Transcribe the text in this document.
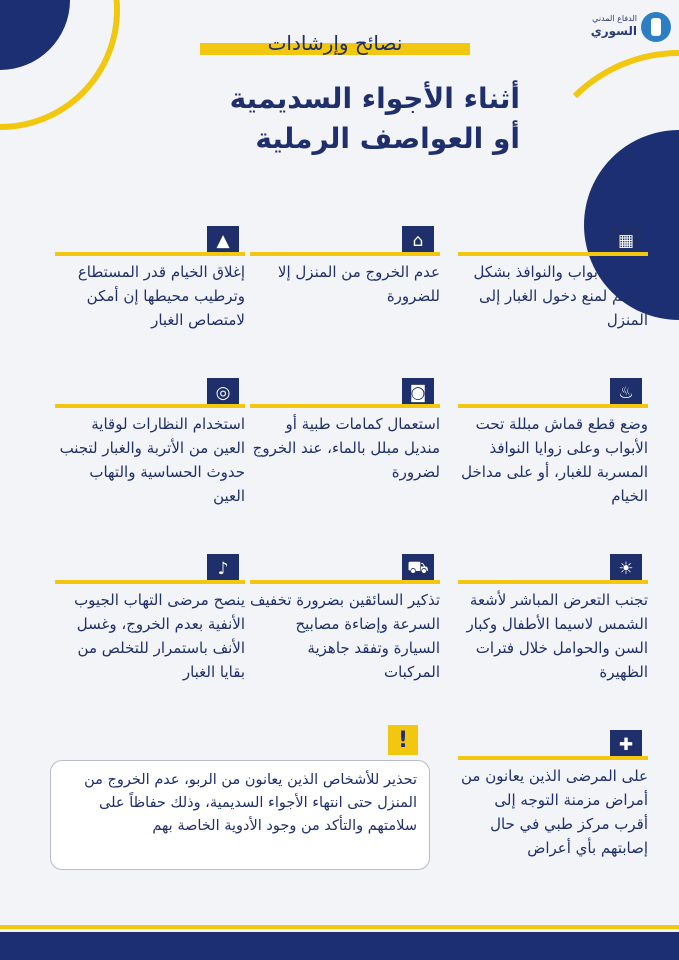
الدفاع المدني
السوري
نصائح وإرشادات
أثناء الأجواء السديمية
أو العواصف الرملية
▦
إغلاق الأبواب والنوافذ بشكل محكم لمنع دخول الغبار إلى المنزل
⌂
عدم الخروج من المنزل إلا للضرورة
▲
إغلاق الخيام قدر المستطاع وترطيب محيطها إن أمكن لامتصاص الغبار
♨
وضع قطع قماش مبللة تحت الأبواب وعلى زوايا النوافذ المسربة للغبار، أو على مداخل الخيام
◙
استعمال كمامات طبية أو منديل مبلل بالماء، عند الخروج لضرورة
◎
استخدام النظارات لوقاية العين من الأتربة والغبار لتجنب حدوث الحساسية والتهاب العين
☀
تجنب التعرض المباشر لأشعة الشمس لاسيما الأطفال وكبار السن والحوامل خلال فترات الظهيرة
⛟
تذكير السائقين بضرورة تخفيف السرعة وإضاءة مصابيح السيارة وتفقد جاهزية المركبات
♪
ينصح مرضى التهاب الجيوب الأنفية بعدم الخروج، وغسل الأنف باستمرار للتخلص من بقايا الغبار
✚
على المرضى الذين يعانون من أمراض مزمنة التوجه إلى أقرب مركز طبي في حال إصابتهم بأي أعراض
!
تحذير للأشخاص الذين يعانون من الربو، عدم الخروج من المنزل حتى انتهاء الأجواء السديمية، وذلك حفاظاً على سلامتهم والتأكد من وجود الأدوية الخاصة بهم
